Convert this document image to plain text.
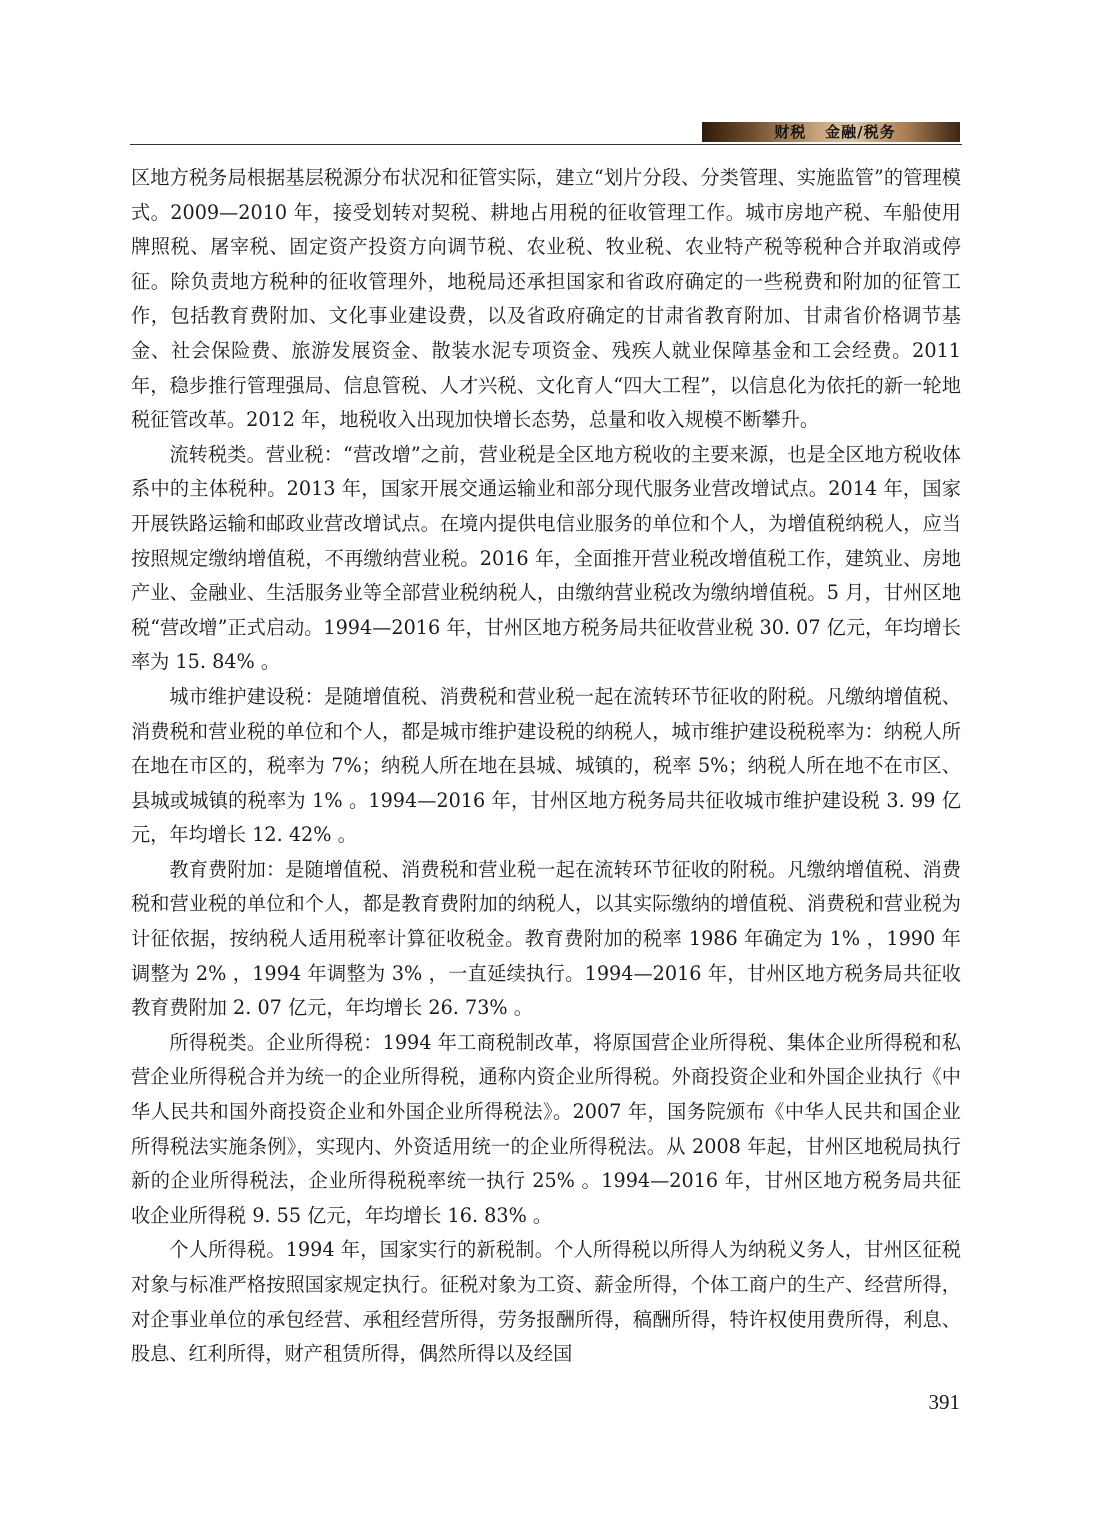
财税 金融/税务

区地方税务局根据基层税源分布状况和征管实际，建立“划片分段、分类管理、实施监管”的管理模式。2009—2010 年，接受划转对契税、耕地占用税的征收管理工作。城市房地产税、车船使用牌照税、屠宰税、固定资产投资方向调节税、农业税、牧业税、农业特产税等税种合并取消或停征。除负责地方税种的征收管理外，地税局还承担国家和省政府确定的一些税费和附加的征管工作，包括教育费附加、文化事业建设费，以及省政府确定的甘肃省教育附加、甘肃省价格调节基金、社会保险费、旅游发展资金、散装水泥专项资金、残疾人就业保障基金和工会经费。2011 年，稳步推行管理强局、信息管税、人才兴税、文化育人“四大工程”，以信息化为依托的新一轮地税征管改革。2012 年，地税收入出现加快增长态势，总量和收入规模不断攀升。

流转税类。营业税：“营改增”之前，营业税是全区地方税收的主要来源，也是全区地方税收体系中的主体税种。2013 年，国家开展交通运输业和部分现代服务业营改增试点。2014 年，国家开展铁路运输和邮政业营改增试点。在境内提供电信业服务的单位和个人，为增值税纳税人，应当按照规定缴纳增值税，不再缴纳营业税。2016 年，全面推开营业税改增值税工作，建筑业、房地产业、金融业、生活服务业等全部营业税纳税人，由缴纳营业税改为缴纳增值税。5 月，甘州区地税“营改增”正式启动。1994—2016 年，甘州区地方税务局共征收营业税 30. 07 亿元，年均增长率为 15. 84% 。

城市维护建设税：是随增值税、消费税和营业税一起在流转环节征收的附税。凡缴纳增值税、消费税和营业税的单位和个人，都是城市维护建设税的纳税人，城市维护建设税税率为：纳税人所在地在市区的，税率为 7%；纳税人所在地在县城、城镇的，税率 5%；纳税人所在地不在市区、县城或城镇的税率为 1% 。1994—2016 年，甘州区地方税务局共征收城市维护建设税 3. 99 亿元，年均增长 12. 42% 。

教育费附加：是随增值税、消费税和营业税一起在流转环节征收的附税。凡缴纳增值税、消费税和营业税的单位和个人，都是教育费附加的纳税人，以其实际缴纳的增值税、消费税和营业税为计征依据，按纳税人适用税率计算征收税金。教育费附加的税率 1986 年确定为 1% ，1990 年调整为 2% ，1994 年调整为 3% ，一直延续执行。1994—2016 年，甘州区地方税务局共征收教育费附加 2. 07 亿元，年均增长 26. 73% 。

所得税类。企业所得税：1994 年工商税制改革，将原国营企业所得税、集体企业所得税和私营企业所得税合并为统一的企业所得税，通称内资企业所得税。外商投资企业和外国企业执行《中华人民共和国外商投资企业和外国企业所得税法》。2007 年，国务院颁布《中华人民共和国企业所得税法实施条例》，实现内、外资适用统一的企业所得税法。从 2008 年起，甘州区地税局执行新的企业所得税法，企业所得税税率统一执行 25% 。1994—2016 年，甘州区地方税务局共征收企业所得税 9. 55 亿元，年均增长 16. 83% 。

个人所得税。1994 年，国家实行的新税制。个人所得税以所得人为纳税义务人，甘州区征税对象与标准严格按照国家规定执行。征税对象为工资、薪金所得，个体工商户的生产、经营所得，对企事业单位的承包经营、承租经营所得，劳务报酬所得，稿酬所得，特许权使用费所得，利息、股息、红利所得，财产租赁所得，偶然所得以及经国

391
